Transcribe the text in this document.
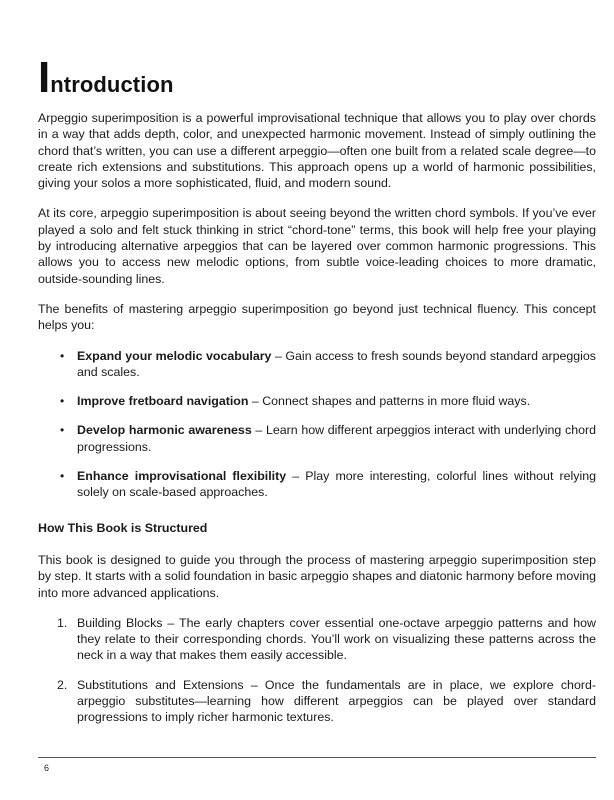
Introduction

Arpeggio superimposition is a powerful improvisational technique that allows you to play over chords in a way that adds depth, color, and unexpected harmonic movement. Instead of simply outlining the chord that’s written, you can use a different arpeggio—often one built from a related scale degree—to create rich extensions and substitutions. This approach opens up a world of harmonic possibilities, giving your solos a more sophisticated, fluid, and modern sound.

At its core, arpeggio superimposition is about seeing beyond the written chord symbols. If you’ve ever played a solo and felt stuck thinking in strict “chord-tone” terms, this book will help free your playing by introducing alternative arpeggios that can be layered over common harmonic progressions. This allows you to access new melodic options, from subtle voice-leading choices to more dramatic, outside-sounding lines.

The benefits of mastering arpeggio superimposition go beyond just technical fluency. This concept helps you:

• Expand your melodic vocabulary – Gain access to fresh sounds beyond standard arpeggios and scales.
• Improve fretboard navigation – Connect shapes and patterns in more fluid ways.
• Develop harmonic awareness – Learn how different arpeggios interact with underlying chord progressions.
• Enhance improvisational flexibility – Play more interesting, colorful lines without relying solely on scale-based approaches.
How This Book is Structured

This book is designed to guide you through the process of mastering arpeggio superimposition step by step. It starts with a solid foundation in basic arpeggio shapes and diatonic harmony before moving into more advanced applications.

1. Building Blocks – The early chapters cover essential one-octave arpeggio patterns and how they relate to their corresponding chords. You’ll work on visualizing these patterns across the neck in a way that makes them easily accessible.
2. Substitutions and Extensions – Once the fundamentals are in place, we explore chord-arpeggio substitutes—learning how different arpeggios can be played over standard progressions to imply richer harmonic textures.
6
